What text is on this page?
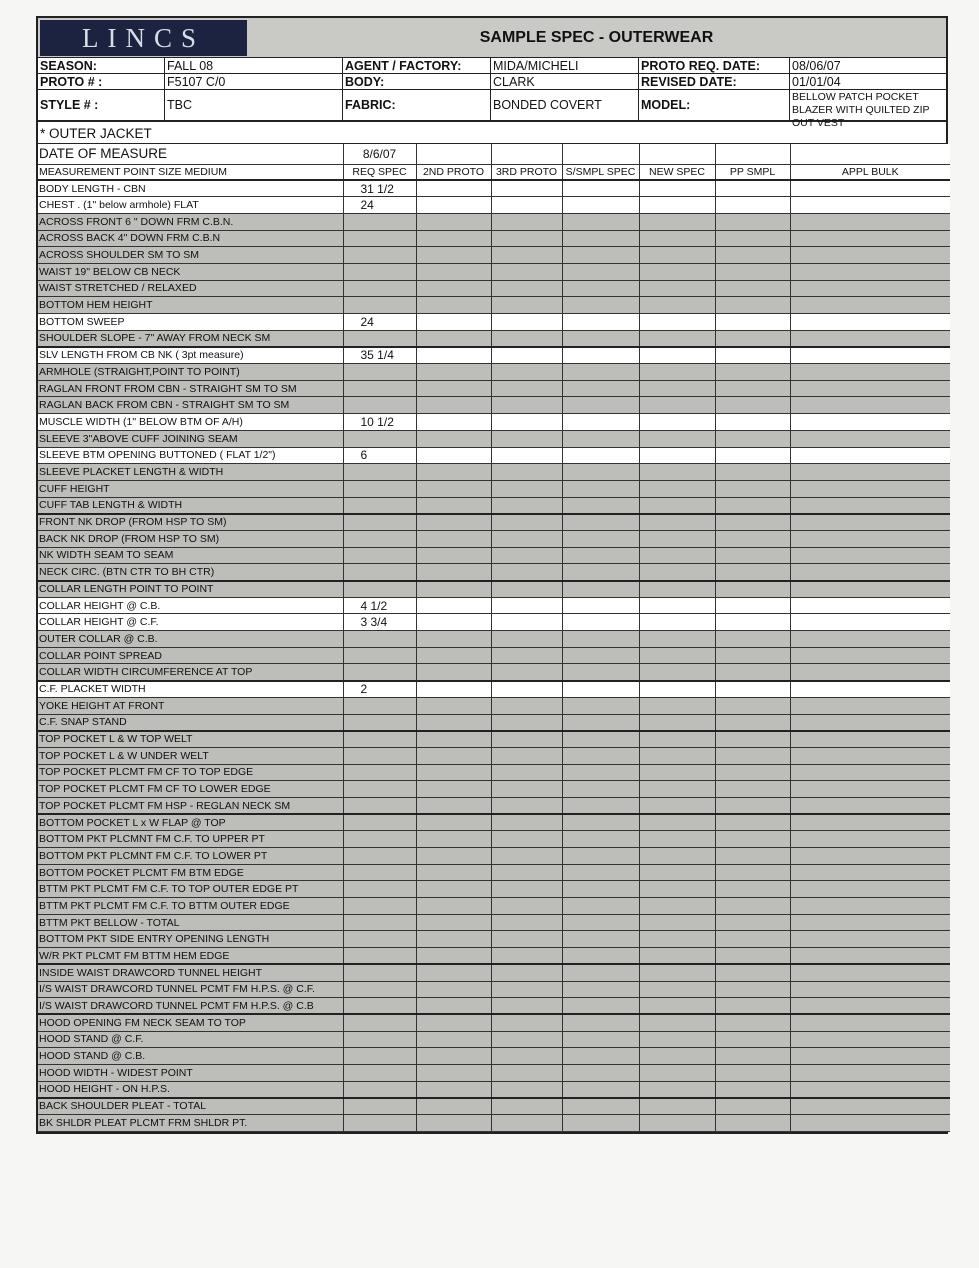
LINCS	SAMPLE SPEC - OUTERWEAR
SEASON:	FALL 08	AGENT / FACTORY:	MIDA/MICHELI	PROTO REQ. DATE:	08/06/07
PROTO # :	F5107 C/0	BODY:	CLARK	REVISED DATE:	01/01/04
STYLE # :	TBC	FABRIC:	BONDED COVERT	MODEL:
BELLOW PATCH POCKET BLAZER WITH QUILTED ZIP
* OUTER JACKET
DATE OF MEASURE	8/6/07						
MEASUREMENT POINT SIZE MEDIUM	REQ SPEC	2ND PROTO	3RD PROTO	S/SMPL SPEC	NEW SPEC	PP SMPL	APPL BULK
BODY LENGTH - CBN	31 1/2						
CHEST . (1" below armhole) FLAT	24						
ACROSS FRONT 6 " DOWN FRM C.B.N.							
ACROSS BACK 4" DOWN FRM C.B.N							
ACROSS SHOULDER SM TO SM							
WAIST 19" BELOW CB NECK							
WAIST STRETCHED / RELAXED							
BOTTOM HEM HEIGHT							
BOTTOM SWEEP	24						
SHOULDER SLOPE - 7" AWAY FROM NECK SM							
SLV LENGTH FROM CB NK ( 3pt measure)	35 1/4						
ARMHOLE (STRAIGHT,POINT TO POINT)							
RAGLAN FRONT FROM CBN - STRAIGHT SM TO SM							
RAGLAN BACK FROM CBN - STRAIGHT SM TO SM							
MUSCLE WIDTH (1" BELOW BTM OF A/H)	10 1/2						
SLEEVE 3"ABOVE CUFF JOINING SEAM							
SLEEVE BTM OPENING BUTTONED ( FLAT 1/2")	6						
SLEEVE PLACKET LENGTH & WIDTH							
CUFF HEIGHT							
CUFF TAB LENGTH & WIDTH							
FRONT NK DROP (FROM HSP TO SM)							
BACK NK DROP (FROM HSP TO SM)							
NK WIDTH SEAM TO SEAM							
NECK CIRC. (BTN CTR TO BH CTR)							
COLLAR LENGTH POINT TO POINT							
COLLAR HEIGHT @ C.B.	4 1/2						
COLLAR HEIGHT @ C.F.	3 3/4						
OUTER COLLAR @ C.B.							
COLLAR POINT SPREAD							
COLLAR WIDTH CIRCUMFERENCE AT TOP							
C.F. PLACKET WIDTH	2						
YOKE HEIGHT AT FRONT							
C.F. SNAP STAND							
TOP POCKET L & W TOP WELT							
TOP POCKET L & W UNDER WELT							
TOP POCKET PLCMT FM CF TO TOP EDGE							
TOP POCKET PLCMT FM CF TO LOWER EDGE							
TOP POCKET PLCMT FM HSP - REGLAN NECK SM							
BOTTOM POCKET L x W FLAP @ TOP							
BOTTOM PKT PLCMNT FM C.F. TO UPPER PT							
BOTTOM PKT PLCMNT FM C.F. TO LOWER PT							
BOTTOM POCKET PLCMT FM BTM EDGE							
BTTM PKT PLCMT FM C.F. TO TOP OUTER EDGE PT							
BTTM PKT PLCMT FM C.F. TO BTTM OUTER EDGE							
BTTM PKT BELLOW - TOTAL							
BOTTOM PKT SIDE ENTRY OPENING LENGTH							
W/R PKT PLCMT FM BTTM HEM EDGE							
INSIDE WAIST DRAWCORD TUNNEL HEIGHT							
I/S WAIST DRAWCORD TUNNEL PCMT FM H.P.S. @ C.F.							
I/S WAIST DRAWCORD TUNNEL PCMT FM H.P.S. @ C.B							
HOOD OPENING FM NECK SEAM TO TOP							
HOOD STAND @ C.F.							
HOOD STAND @ C.B.							
HOOD WIDTH - WIDEST POINT							
HOOD HEIGHT - ON H.P.S.							
BACK SHOULDER PLEAT - TOTAL							
BK SHLDR PLEAT PLCMT FRM SHLDR PT.							
